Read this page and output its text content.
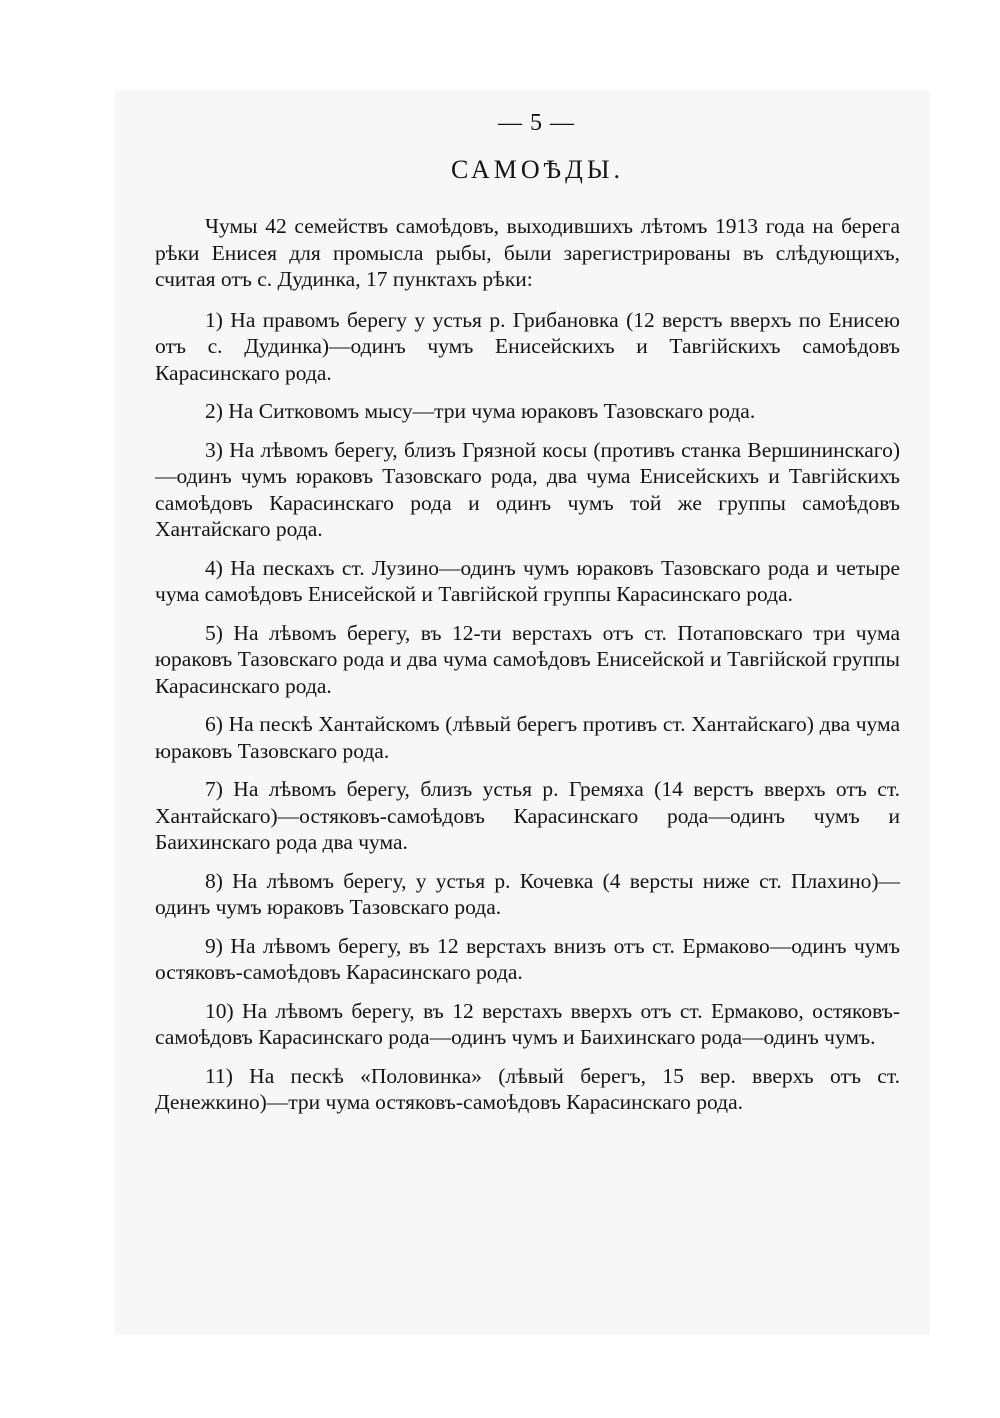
— 5 —
САМОѢДЫ.

Чумы 42 семействъ самоѣдовъ, выходившихъ лѣтомъ 1913 года на берега рѣки Енисея для промысла рыбы, были зарегистрированы въ слѣдующихъ, считая отъ с. Дудинка, 17 пунктахъ рѣки:

1) На правомъ берегу у устья р. Грибановка (12 верстъ вверхъ по Енисею отъ с. Дудинка)—одинъ чумъ Енисейскихъ и Тавгійскихъ самоѣдовъ Карасинскаго рода.

2) На Ситковомъ мысу—три чума юраковъ Тазовскаго рода.

3) На лѣвомъ берегу, близъ Грязной косы (противъ станка Вершининскаго)—одинъ чумъ юраковъ Тазовскаго рода, два чума Енисейскихъ и Тавгійскихъ самоѣдовъ Карасинскаго рода и одинъ чумъ той же группы самоѣдовъ Хантайскаго рода.

4) На пескахъ ст. Лузино—одинъ чумъ юраковъ Тазовскаго рода и четыре чума самоѣдовъ Енисейской и Тавгійской группы Карасинскаго рода.

5) На лѣвомъ берегу, въ 12-ти верстахъ отъ ст. Потаповскаго три чума юраковъ Тазовскаго рода и два чума самоѣдовъ Енисейской и Тавгійской группы Карасинскаго рода.

6) На пескѣ Хантайскомъ (лѣвый берегъ противъ ст. Хантайскаго) два чума юраковъ Тазовскаго рода.

7) На лѣвомъ берегу, близъ устья р. Гремяха (14 верстъ вверхъ отъ ст. Хантайскаго)—остяковъ-самоѣдовъ Карасинскаго рода—одинъ чумъ и Баихинскаго рода два чума.

8) На лѣвомъ берегу, у устья р. Кочевка (4 версты ниже ст. Плахино)—одинъ чумъ юраковъ Тазовскаго рода.

9) На лѣвомъ берегу, въ 12 верстахъ внизъ отъ ст. Ермаково—одинъ чумъ остяковъ-самоѣдовъ Карасинскаго рода.

10) На лѣвомъ берегу, въ 12 верстахъ вверхъ отъ ст. Ермаково, остяковъ-самоѣдовъ Карасинскаго рода—одинъ чумъ и Баихинскаго рода—одинъ чумъ.

11) На пескѣ «Половинка» (лѣвый берегъ, 15 вер. вверхъ отъ ст. Денежкино)—три чума остяковъ-самоѣдовъ Карасинскаго рода.
